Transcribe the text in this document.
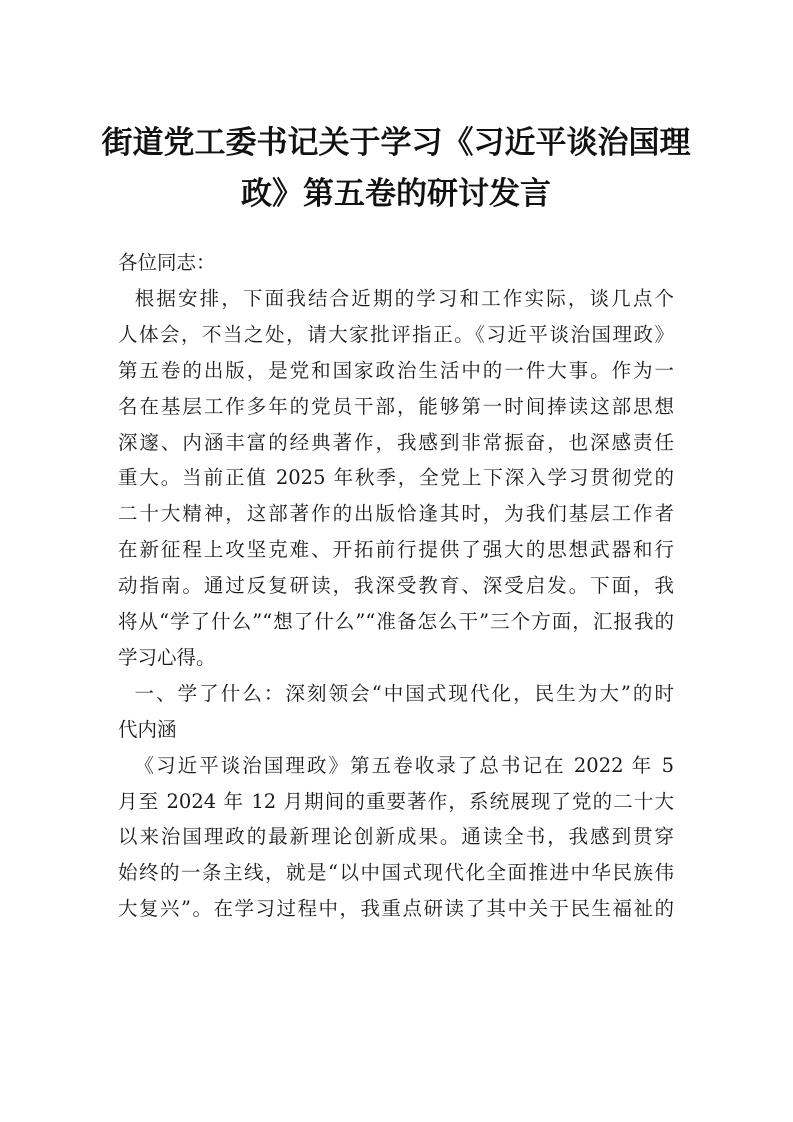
街道党工委书记关于学习《习近平谈治国理
政》第五卷的研讨发言
各位同志：
根据安排，下面我结合近期的学习和工作实际，谈几点个
人体会，不当之处，请大家批评指正。《习近平谈治国理政》
第五卷的出版，是党和国家政治生活中的一件大事。作为一
名在基层工作多年的党员干部，能够第一时间捧读这部思想
深邃、内涵丰富的经典著作，我感到非常振奋，也深感责任
重大。当前正值 2025 年秋季，全党上下深入学习贯彻党的
二十大精神，这部著作的出版恰逢其时，为我们基层工作者
在新征程上攻坚克难、开拓前行提供了强大的思想武器和行
动指南。通过反复研读，我深受教育、深受启发。下面，我
将从“学了什么”“想了什么”“准备怎么干”三个方面，汇报我的
学习心得。
一、学了什么：深刻领会“中国式现代化，民生为大”的时
代内涵
《习近平谈治国理政》第五卷收录了总书记在 2022 年 5
月至 2024 年 12 月期间的重要著作，系统展现了党的二十大
以来治国理政的最新理论创新成果。通读全书，我感到贯穿
始终的一条主线，就是“以中国式现代化全面推进中华民族伟
大复兴”。在学习过程中，我重点研读了其中关于民生福祉的
